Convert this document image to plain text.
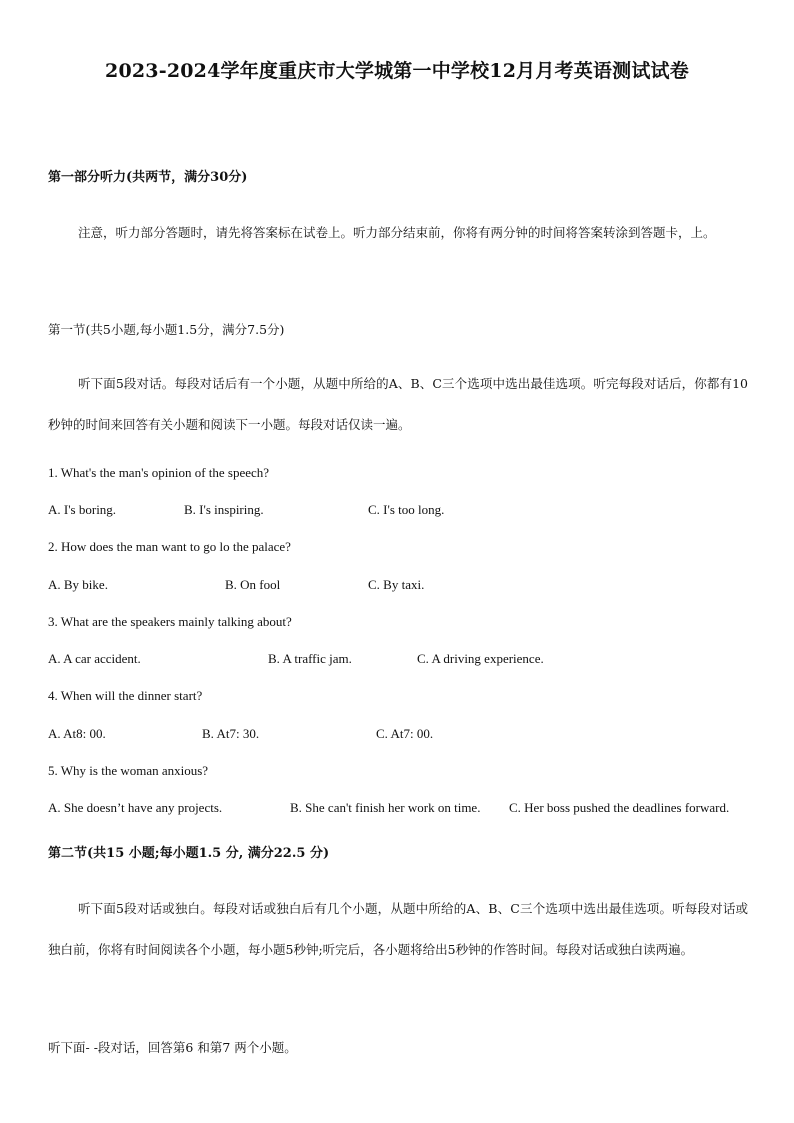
2023-2024学年度重庆市大学城第一中学校12月月考英语测试试卷
第一部分听力(共两节，满分30分)
注意，听力部分答题时，请先将答案标在试卷上。听力部分结束前，你将有两分钟的时间将答案转涂到答题卡，上。
第一节(共5小题,每小题1.5分，满分7.5分)
听下面5段对话。每段对话后有一个小题，从题中所给的A、B、C三个选项中选出最佳选项。听完每段对话后，你都有10 秒钟的时间来回答有关小题和阅读下一小题。每段对话仅读一遍。
1. What's the man's opinion of the speech?
A. I's boring.	B. I's inspiring.	C. I's too long.
2. How does the man want to go lo the palace?
A. By bike.	B. On fool	C. By taxi.
3. What are the speakers mainly talking about?
A. A car accident.	B. A traffic jam.	C. A driving experience.
4. When will the dinner start?
A. At8: 00.	B. At7: 30.	C. At7: 00.
5. Why is the woman anxious?
A. She doesn’t have any projects.	B. She can't finish her work on time. C. Her boss pushed the deadlines forward.
第二节(共15 小题;每小题1.5 分, 满分22.5 分)
听下面5段对话或独白。每段对话或独白后有几个小题，从题中所给的A、B、C三个选项中选出最佳选项。听每段对话或独白前，你将有时间阅读各个小题，每小题5秒钟;听完后，各小题将给出5秒钟的作答时间。每段对话或独白读两遍。
听下面- -段对话，回答第6 和第7 两个小题。
